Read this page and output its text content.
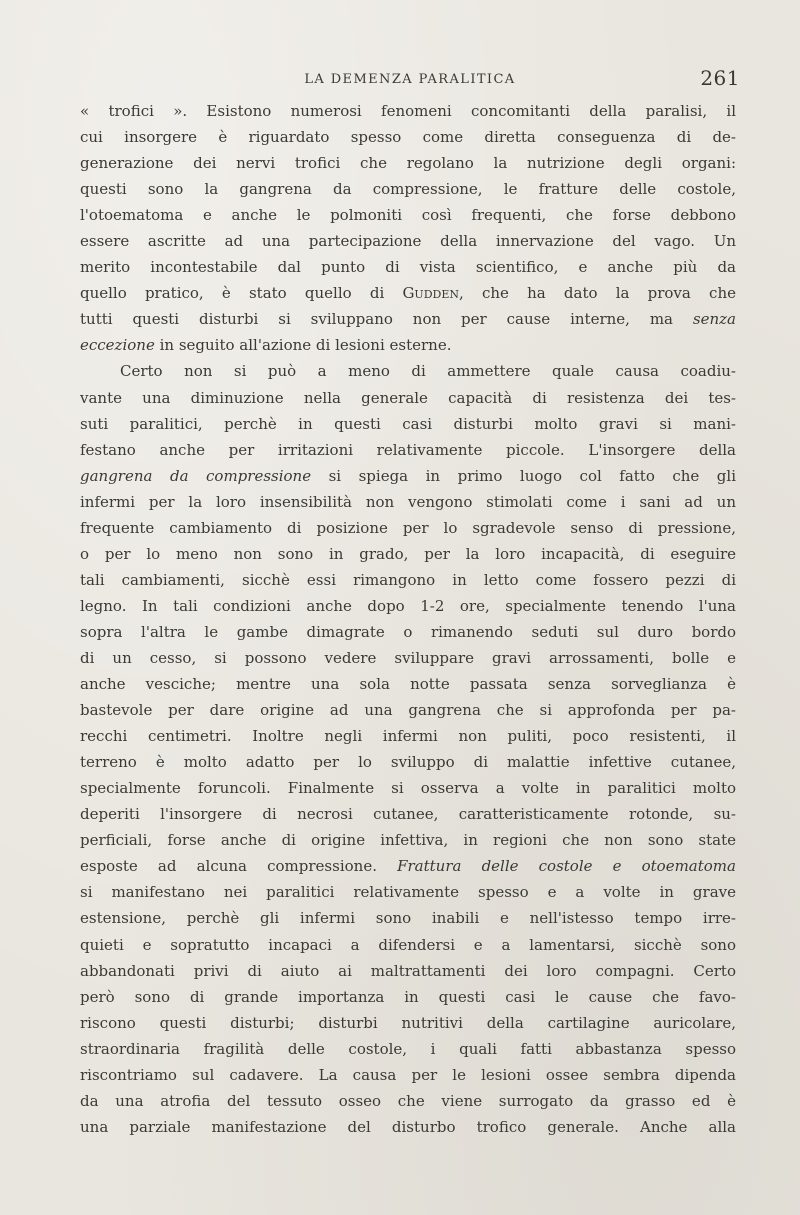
LA DEMENZA PARALITICA	261
« trofici ». Esistono numerosi fenomeni concomitanti della paralisi, il
cui insorgere è riguardato spesso come diretta conseguenza di de-
generazione dei nervi trofici che regolano la nutrizione degli organi:
questi sono la gangrena da compressione, le fratture delle costole,
l'otoematoma e anche le polmoniti così frequenti, che forse debbono
essere ascritte ad una partecipazione della innervazione del vago. Un
merito incontestabile dal punto di vista scientifico, e anche più da
quello pratico, è stato quello di Gudden, che ha dato la prova che
tutti questi disturbi si sviluppano non per cause interne, ma senza
eccezione in seguito all'azione di lesioni esterne.
Certo non si può a meno di ammettere quale causa coadiu-
vante una diminuzione nella generale capacità di resistenza dei tes-
suti paralitici, perchè in questi casi disturbi molto gravi si mani-
festano anche per irritazioni relativamente piccole. L'insorgere della
gangrena da compressione si spiega in primo luogo col fatto che gli
infermi per la loro insensibilità non vengono stimolati come i sani ad un
frequente cambiamento di posizione per lo sgradevole senso di pressione,
o per lo meno non sono in grado, per la loro incapacità, di eseguire
tali cambiamenti, sicchè essi rimangono in letto come fossero pezzi di
legno. In tali condizioni anche dopo 1-2 ore, specialmente tenendo l'una
sopra l'altra le gambe dimagrate o rimanendo seduti sul duro bordo
di un cesso, si possono vedere svilupparе gravi arrossamenti, bolle e
anche vesciche; mentre una sola notte passata senza sorveglianza è
bastevole per dare origine ad una gangrena che si approfonda per pa-
recchi centimetri. Inoltre negli infermi non puliti, poco resistenti, il
terreno è molto adatto per lo sviluppo di malattie infettive cutanee,
specialmente foruncoli. Finalmente si osserva a volte in paralitici molto
deperiti l'insorgere di necrosi cutanee, caratteristicamente rotonde, su-
perficiali, forse anche di origine infettiva, in regioni che non sono state
esposte ad alcuna compressione. Frattura delle costole e otoematoma
si manifestano nei paralitici relativamente spesso e a volte in grave
estensione, perchè gli infermi sono inabili e nell'istesso tempo irre-
quieti e sopratutto incapaci a difendersi e a lamentarsi, sicchè sono
abbandonati privi di aiuto ai maltrattamenti dei loro compagni. Certo
però sono di grande importanza in questi casi le cause che favo-
riscono questi disturbi; disturbi nutritivi della cartilagine auricolare,
straordinaria fragilità delle costole, i quali fatti abbastanza spesso
riscontriamo sul cadavere. La causa per le lesioni ossee sembra dipenda
da una atrofia del tessuto osseo che viene surrogato da grasso ed è
una parziale manifestazione del disturbo trofico generale. Anche alla
